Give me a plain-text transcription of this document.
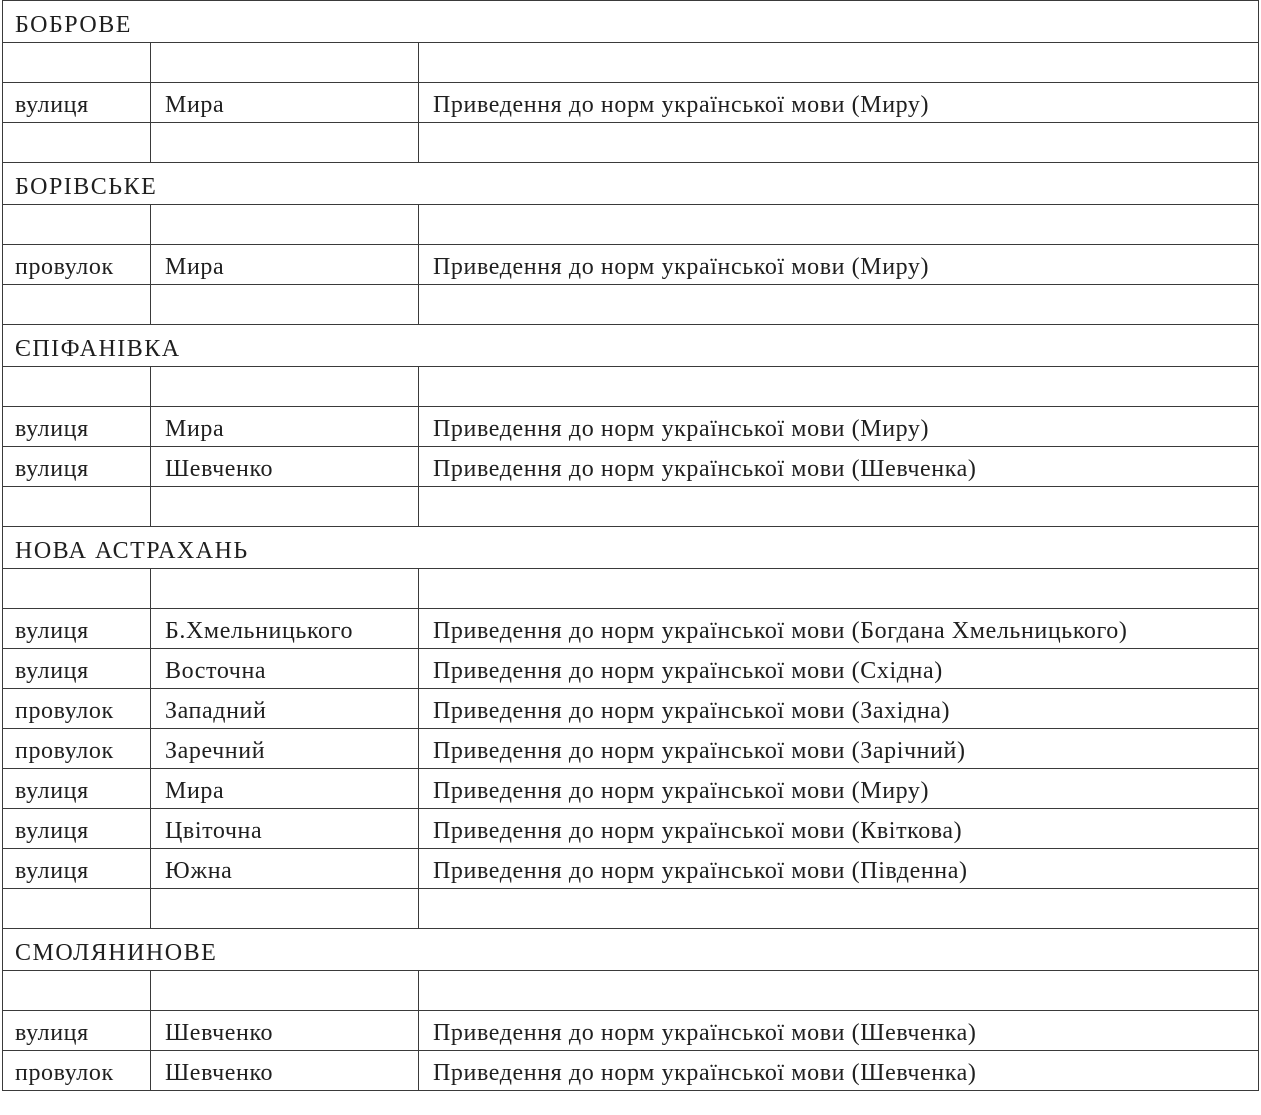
БОБРОВЕ		

вулиця	Мира	Приведення до норм української мови (Миру)

БОРІВСЬКЕ		

провулок	Мира	Приведення до норм української мови (Миру)

ЄПІФАНІВКА		

вулиця	Мира	Приведення до норм української мови (Миру)
вулиця	Шевченко	Приведення до норм української мови (Шевченка)

НОВА АСТРАХАНЬ		

вулиця	Б.Хмельницького	Приведення до норм української мови (Богдана Хмельницького)
вулиця	Восточна	Приведення до норм української мови (Східна)
провулок	Западний	Приведення до норм української мови (Західна)
провулок	Заречний	Приведення до норм української мови (Зарічний)
вулиця	Мира	Приведення до норм української мови (Миру)
вулиця	Цвіточна	Приведення до норм української мови (Квіткова)
вулиця	Южна	Приведення до норм української мови (Південна)

СМОЛЯНИНОВЕ		

вулиця	Шевченко	Приведення до норм української мови (Шевченка)
провулок	Шевченко	Приведення до норм української мови (Шевченка)
